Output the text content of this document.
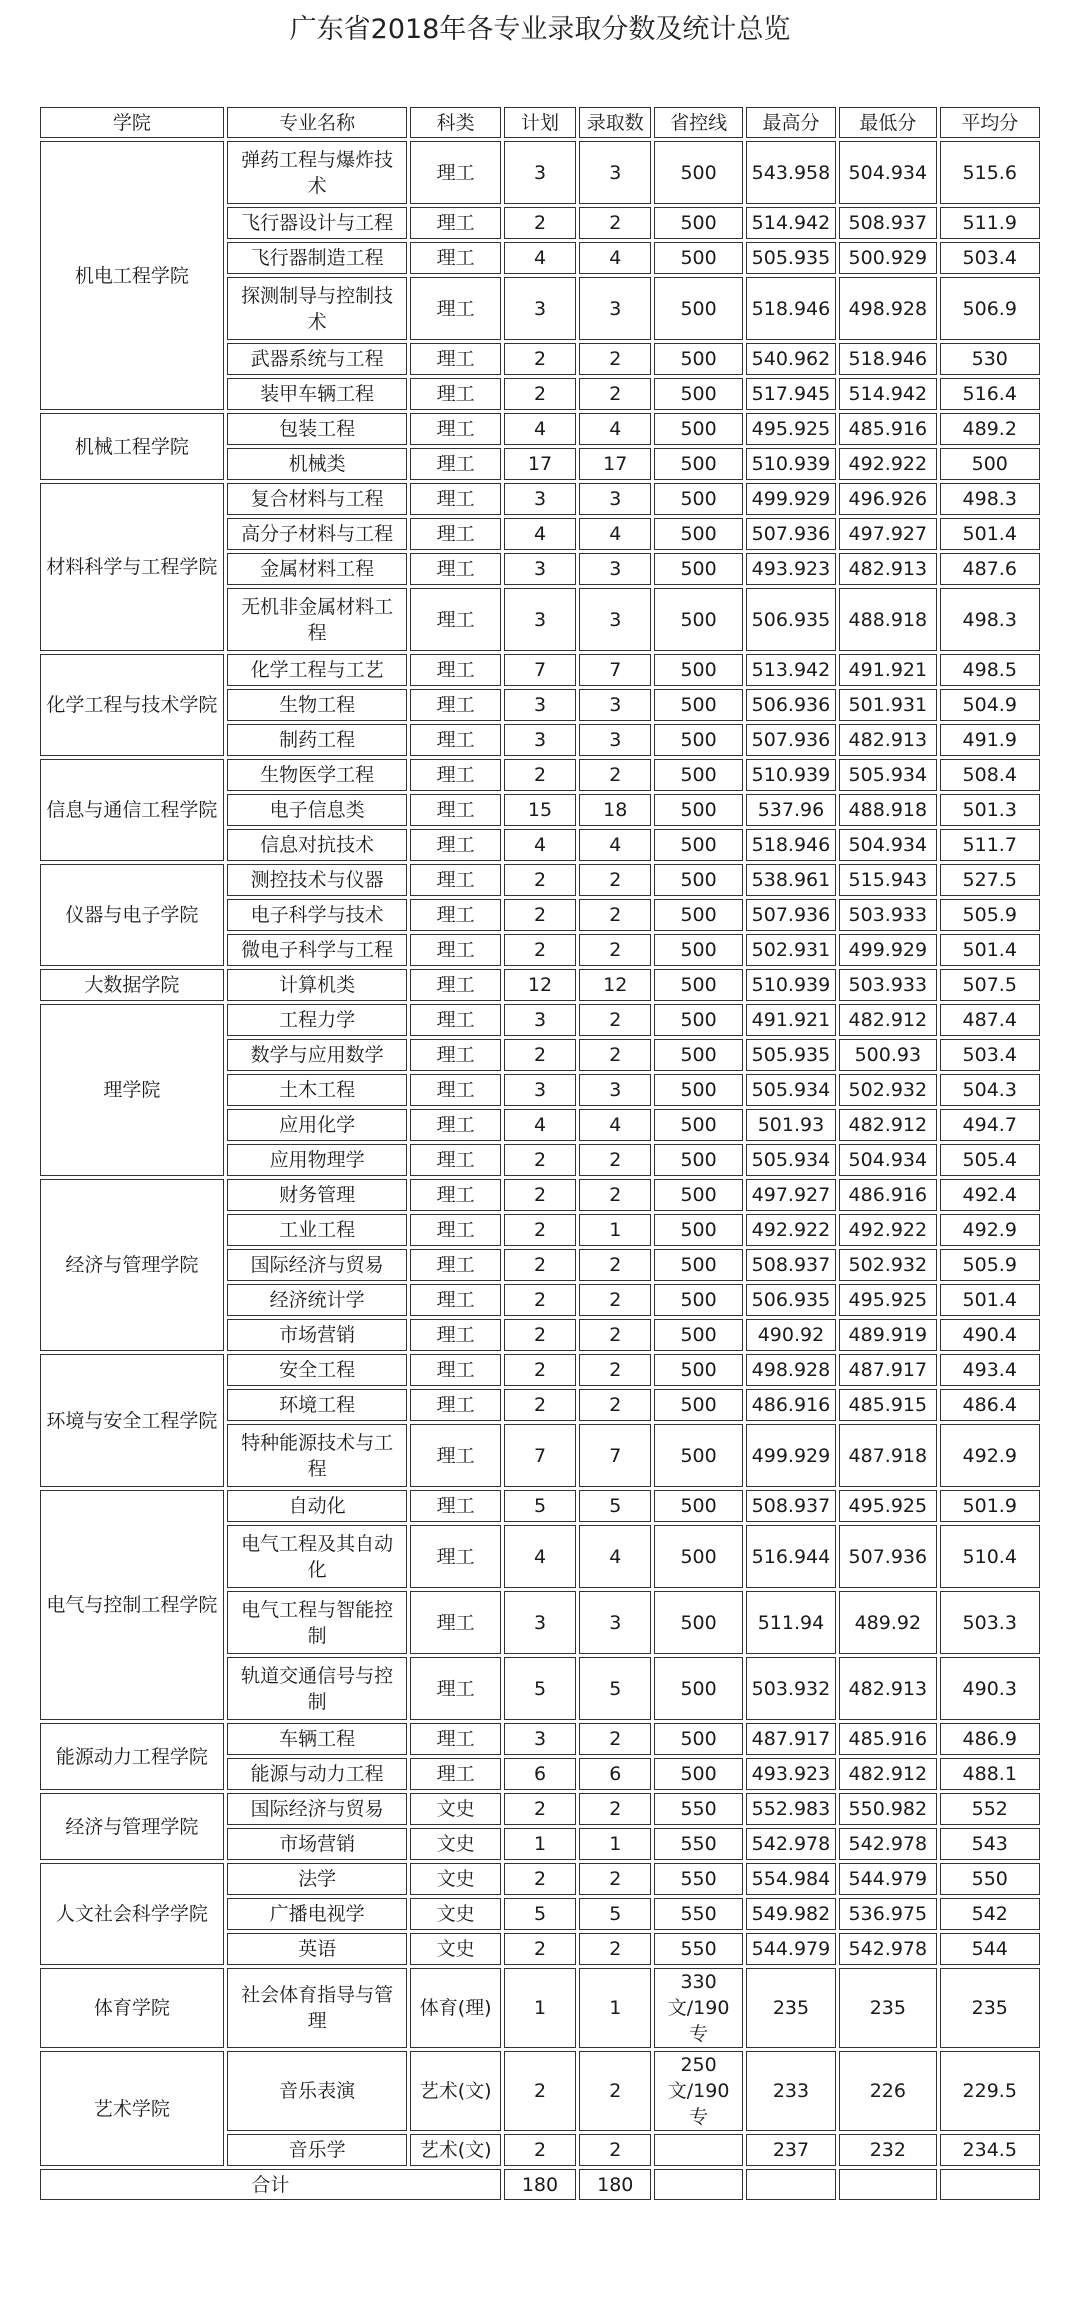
广东省2018年各专业录取分数及统计总览
学院	专业名称	科类	计划	录取数	省控线	最高分	最低分	平均分
机电工程学院	弹药工程与爆炸技术	理工	3	3	500	543.958	504.934	515.6
	飞行器设计与工程	理工	2	2	500	514.942	508.937	511.9
	飞行器制造工程	理工	4	4	500	505.935	500.929	503.4
	探测制导与控制技术	理工	3	3	500	518.946	498.928	506.9
	武器系统与工程	理工	2	2	500	540.962	518.946	530
	装甲车辆工程	理工	2	2	500	517.945	514.942	516.4
机械工程学院	包装工程	理工	4	4	500	495.925	485.916	489.2
	机械类	理工	17	17	500	510.939	492.922	500
材料科学与工程学院	复合材料与工程	理工	3	3	500	499.929	496.926	498.3
	高分子材料与工程	理工	4	4	500	507.936	497.927	501.4
	金属材料工程	理工	3	3	500	493.923	482.913	487.6
	无机非金属材料工程	理工	3	3	500	506.935	488.918	498.3
化学工程与技术学院	化学工程与工艺	理工	7	7	500	513.942	491.921	498.5
	生物工程	理工	3	3	500	506.936	501.931	504.9
	制药工程	理工	3	3	500	507.936	482.913	491.9
信息与通信工程学院	生物医学工程	理工	2	2	500	510.939	505.934	508.4
	电子信息类	理工	15	18	500	537.96	488.918	501.3
	信息对抗技术	理工	4	4	500	518.946	504.934	511.7
仪器与电子学院	测控技术与仪器	理工	2	2	500	538.961	515.943	527.5
	电子科学与技术	理工	2	2	500	507.936	503.933	505.9
	微电子科学与工程	理工	2	2	500	502.931	499.929	501.4
大数据学院	计算机类	理工	12	12	500	510.939	503.933	507.5
理学院	工程力学	理工	3	2	500	491.921	482.912	487.4
	数学与应用数学	理工	2	2	500	505.935	500.93	503.4
	土木工程	理工	3	3	500	505.934	502.932	504.3
	应用化学	理工	4	4	500	501.93	482.912	494.7
	应用物理学	理工	2	2	500	505.934	504.934	505.4
经济与管理学院	财务管理	理工	2	2	500	497.927	486.916	492.4
	工业工程	理工	2	1	500	492.922	492.922	492.9
	国际经济与贸易	理工	2	2	500	508.937	502.932	505.9
	经济统计学	理工	2	2	500	506.935	495.925	501.4
	市场营销	理工	2	2	500	490.92	489.919	490.4
环境与安全工程学院	安全工程	理工	2	2	500	498.928	487.917	493.4
	环境工程	理工	2	2	500	486.916	485.915	486.4
	特种能源技术与工程	理工	7	7	500	499.929	487.918	492.9
电气与控制工程学院	自动化	理工	5	5	500	508.937	495.925	501.9
	电气工程及其自动化	理工	4	4	500	516.944	507.936	510.4
	电气工程与智能控制	理工	3	3	500	511.94	489.92	503.3
	轨道交通信号与控制	理工	5	5	500	503.932	482.913	490.3
能源动力工程学院	车辆工程	理工	3	2	500	487.917	485.916	486.9
	能源与动力工程	理工	6	6	500	493.923	482.912	488.1
经济与管理学院	国际经济与贸易	文史	2	2	550	552.983	550.982	552
	市场营销	文史	1	1	550	542.978	542.978	543
人文社会科学学院	法学	文史	2	2	550	554.984	544.979	550
	广播电视学	文史	5	5	550	549.982	536.975	542
	英语	文史	2	2	550	544.979	542.978	544
体育学院	社会体育指导与管理	体育(理)	1	1	330文/190专	235	235	235
艺术学院	音乐表演	艺术(文)	2	2	250文/190专	233	226	229.5
	音乐学	艺术(文)	2	2		237	232	234.5
合计			180	180				
